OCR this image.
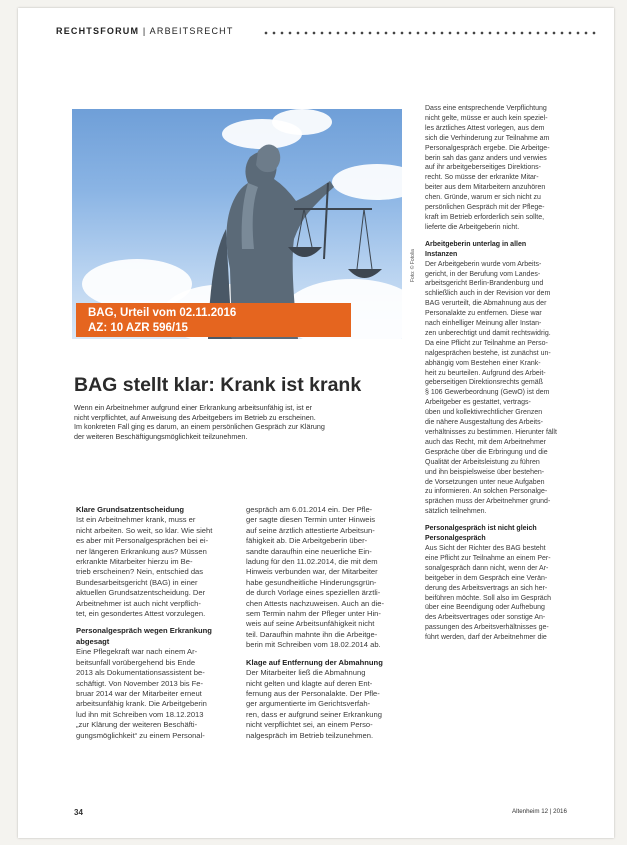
RECHTSFORUM | ARBEITSRECHT
Foto: © Fotolia
BAG, Urteil vom 02.11.2016
AZ: 10 AZR 596/15
BAG stellt klar: Krank ist krank
Wenn ein Arbeitnehmer aufgrund einer Erkrankung arbeitsunfähig ist, ist er
nicht verpflichtet, auf Anweisung des Arbeitgebers im Betrieb zu erscheinen.
Im konkreten Fall ging es darum, an einem persönlichen Gespräch zur Klärung
der weiteren Beschäftigungsmöglichkeit teilzunehmen.
Klare Grundsatzentscheidung
Ist ein Arbeitnehmer krank, muss er
nicht arbeiten. So weit, so klar. Wie sieht
es aber mit Personalgesprächen bei ei-
ner längeren Erkrankung aus? Müssen
erkrankte Mitarbeiter hierzu im Be-
trieb erscheinen? Nein, entschied das
Bundesarbeitsgericht (BAG) in einer
aktuellen Grundsatzentscheidung. Der
Arbeitnehmer ist auch nicht verpflich-
tet, ein gesondertes Attest vorzulegen.
Personalgespräch wegen Erkrankung
abgesagt
Eine Pflegekraft war nach einem Ar-
beitsunfall vorübergehend bis Ende
2013 als Dokumentationsassistent be-
schäftigt. Von November 2013 bis Fe-
bruar 2014 war der Mitarbeiter erneut
arbeitsunfähig krank. Die Arbeitgeberin
lud ihn mit Schreiben vom 18.12.2013
„zur Klärung der weiteren Beschäfti-
gungsmöglichkeit“ zu einem Personal-
gespräch am 6.01.2014 ein. Der Pfle-
ger sagte diesen Termin unter Hinweis
auf seine ärztlich attestierte Arbeitsun-
fähigkeit ab. Die Arbeitgeberin über-
sandte daraufhin eine neuerliche Ein-
ladung für den 11.02.2014, die mit dem
Hinweis verbunden war, der Mitarbeiter
habe gesundheitliche Hinderungsgrün-
de durch Vorlage eines speziellen ärztli-
chen Attests nachzuweisen. Auch an die-
sem Termin nahm der Pfleger unter Hin-
weis auf seine Arbeitsunfähigkeit nicht
teil. Daraufhin mahnte ihn die Arbeitge-
berin mit Schreiben vom 18.02.2014 ab.
Klage auf Entfernung der Abmahnung
Der Mitarbeiter ließ die Abmahnung
nicht gelten und klagte auf deren Ent-
fernung aus der Personalakte. Der Pfle-
ger argumentierte im Gerichtsverfah-
ren, dass er aufgrund seiner Erkrankung
nicht verpflichtet sei, an einem Perso-
nalgespräch im Betrieb teilzunehmen.
Dass eine entsprechende Verpflichtung
nicht gelte, müsse er auch kein speziel-
les ärztliches Attest vorlegen, aus dem
sich die Verhinderung zur Teilnahme am
Personalgespräch ergebe. Die Arbeitge-
berin sah das ganz anders und verwies
auf ihr arbeitgeberseitiges Direktions-
recht. So müsse der erkrankte Mitar-
beiter aus dem Mitarbeitern anzuhören
chen. Gründe, warum er sich nicht zu
persönlichen Gespräch mit der Pflege-
kraft im Betrieb erforderlich sein sollte,
lieferte die Arbeitgeberin nicht.
Arbeitgeberin unterlag in allen
Instanzen
Der Arbeitgeberin wurde vom Arbeits-
gericht, in der Berufung vom Landes-
arbeitsgericht Berlin-Brandenburg und
schließlich auch in der Revision vor dem
BAG verurteilt, die Abmahnung aus der
Personalakte zu entfernen. Diese war
nach einhelliger Meinung aller Instan-
zen unberechtigt und damit rechtswidrig.
Da eine Pflicht zur Teilnahme an Perso-
nalgesprächen bestehe, ist zunächst un-
abhängig vom Bestehen einer Krank-
heit zu beurteilen. Aufgrund des Arbeit-
geberseitigen Direktionsrechts gemäß
§ 106 Gewerbeordnung (GewO) ist dem
Arbeitgeber es gestattet, vertrags-
üben und kollektivrechtlicher Grenzen
die nähere Ausgestaltung des Arbeits-
verhältnisses zu bestimmen. Hierunter fällt
auch das Recht, mit dem Arbeitnehmer
Gespräche über die Erbringung und die
Qualität der Arbeitsleistung zu führen
und ihn beispielsweise über bestehen-
de Vorsetzungen unter neue Aufgaben
zu informieren. An solchen Personalge-
sprächen muss der Arbeitnehmer grund-
sätzlich teilnehmen.
Personalgespräch ist nicht gleich
Personalgespräch
Aus Sicht der Richter des BAG besteht
eine Pflicht zur Teilnahme an einem Per-
sonalgespräch dann nicht, wenn der Ar-
beitgeber in dem Gespräch eine Verän-
derung des Arbeitsvertrags an sich her-
beiführen möchte. Soll also im Gespräch
über eine Beendigung oder Aufhebung
des Arbeitsvertrages oder sonstige An-
passungen des Arbeitsverhältnisses ge-
führt werden, darf der Arbeitnehmer die
34	Altenheim 12 | 2016
